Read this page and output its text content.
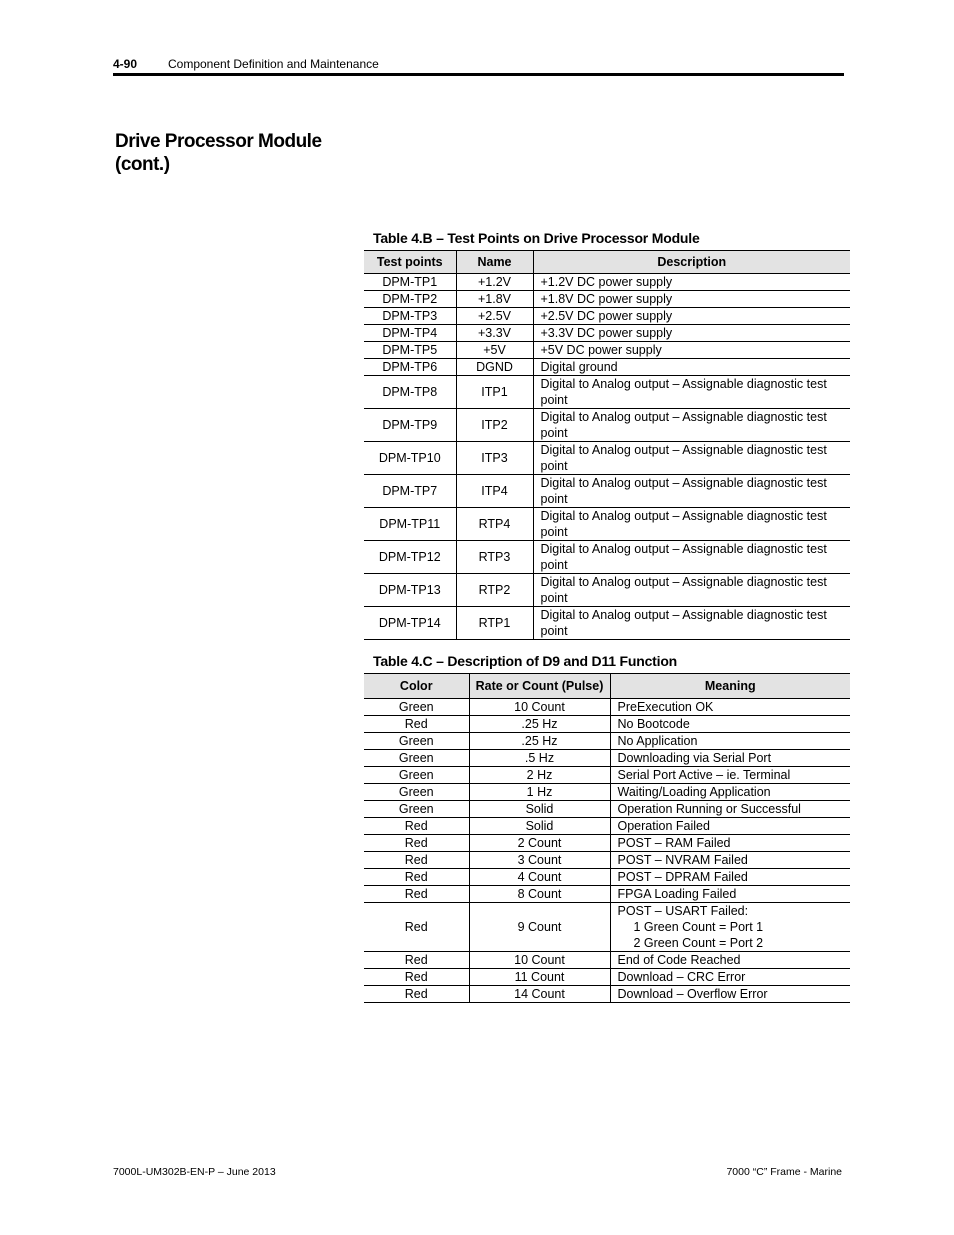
4-90	Component Definition and Maintenance
Drive Processor Module
(cont.)
Table 4.B – Test Points on Drive Processor Module
Test points	Name	Description
DPM-TP1	+1.2V	+1.2V DC power supply
DPM-TP2	+1.8V	+1.8V DC power supply
DPM-TP3	+2.5V	+2.5V DC power supply
DPM-TP4	+3.3V	+3.3V DC power supply
DPM-TP5	+5V	+5V DC power supply
DPM-TP6	DGND	Digital ground
DPM-TP8	ITP1	Digital to Analog output – Assignable diagnostic test point
DPM-TP9	ITP2	Digital to Analog output – Assignable diagnostic test point
DPM-TP10	ITP3	Digital to Analog output – Assignable diagnostic test point
DPM-TP7	ITP4	Digital to Analog output – Assignable diagnostic test point
DPM-TP11	RTP4	Digital to Analog output – Assignable diagnostic test point
DPM-TP12	RTP3	Digital to Analog output – Assignable diagnostic test point
DPM-TP13	RTP2	Digital to Analog output – Assignable diagnostic test point
DPM-TP14	RTP1	Digital to Analog output – Assignable diagnostic test point
Table 4.C – Description of D9 and D11 Function
Color	Rate or Count (Pulse)	Meaning
Green	10 Count	PreExecution OK
Red	.25 Hz	No Bootcode
Green	.25 Hz	No Application
Green	.5 Hz	Downloading via Serial Port
Green	2 Hz	Serial Port Active – ie. Terminal
Green	1 Hz	Waiting/Loading Application
Green	Solid	Operation Running or Successful
Red	Solid	Operation Failed
Red	2 Count	POST – RAM Failed
Red	3 Count	POST – NVRAM Failed
Red	4 Count	POST – DPRAM Failed
Red	8 Count	FPGA Loading Failed
Red	9 Count	POST – USART Failed:
1 Green Count = Port 1
2 Green Count = Port 2

Red	10 Count	End of Code Reached
Red	11 Count	Download – CRC Error
Red	14 Count	Download – Overflow Error
7000L-UM302B-EN-P – June 2013	7000 “C” Frame - Marine
